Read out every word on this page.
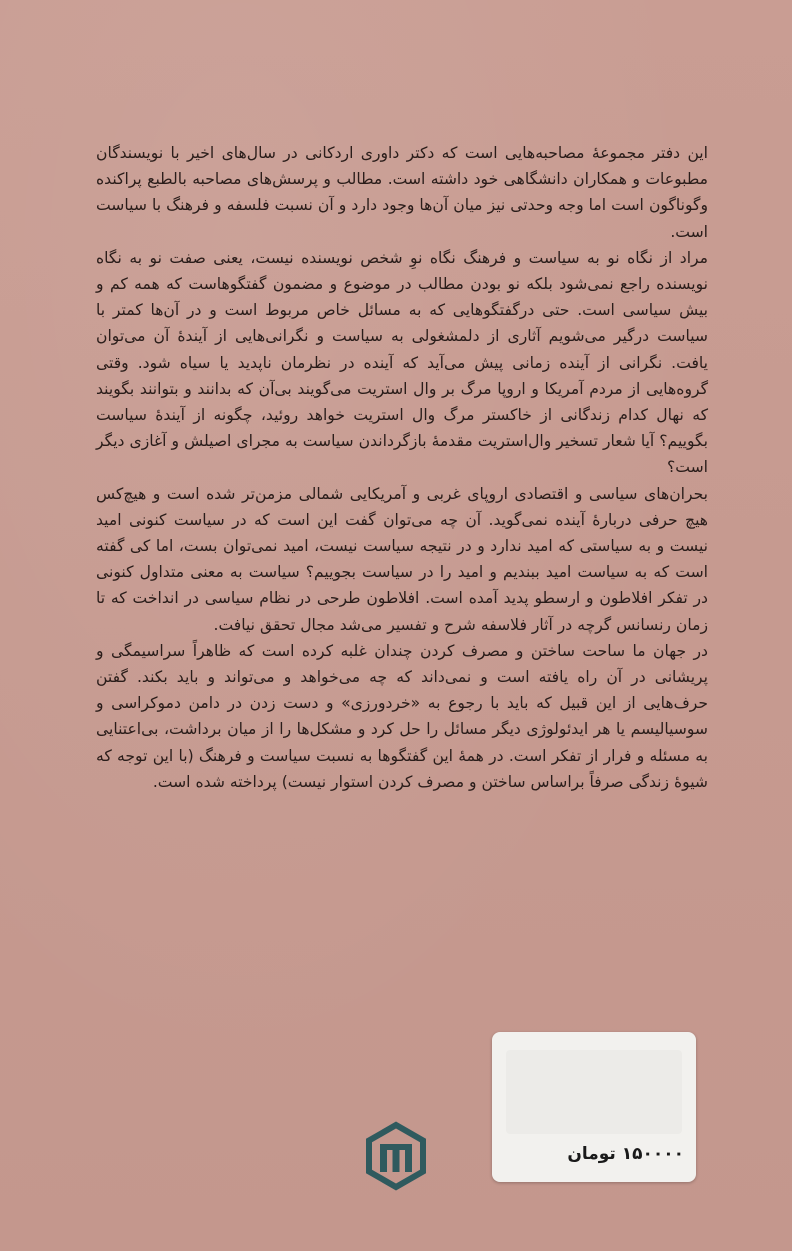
این دفتر مجموعهٔ مصاحبه‌هایی است که دکتر داوری اردکانی در سال‌های اخیر با نویسندگان مطبوعات و همکاران دانشگاهی خود داشته است. مطالب و پرسش‌های مصاحبه بالطبع پراکنده وگوناگون است اما وجه وحدتی نیز میان آن‌ها وجود دارد و آن نسبت فلسفه و فرهنگ با سیاست است.

مراد از نگاه نو به سیاست و فرهنگ نگاه نوِ شخص نویسنده نیست، یعنی صفت نو به نگاه نویسنده راجع نمی‌شود بلکه نو بودن مطالب در موضوع و مضمون گفتگوهاست که همه کم و بیش سیاسی است. حتی درگفتگوهایی که به مسائل خاص مربوط است و در آن‌ها کمتر با سیاست درگیر می‌شویم آثاری از دلمشغولی به سیاست و نگرانی‌هایی از آیندهٔ آن می‌توان یافت. نگرانی از آینده زمانی پیش می‌آید که آینده در نظرمان ناپدید یا سیاه شود. وقتی گروه‌هایی از مردم آمریکا و اروپا مرگ بر وال استریت می‌گویند بی‌آن که بدانند و بتوانند بگویند که نهال کدام زندگانی از خاکستر مرگ وال استریت خواهد روئید، چگونه از آیندهٔ سیاست بگوییم؟ آیا شعار تسخیر وال‌استریت مقدمهٔ بازگرداندن سیاست به مجرای اصیلش و آغازی دیگر است؟

بحران‌های سیاسی و اقتصادی اروپای غربی و آمریکایی شمالی مزمن‌تر شده است و هیچ‌کس هیچ حرفی دربارهٔ آینده نمی‌گوید. آن چه می‌توان گفت این است که در سیاست کنونی امید نیست و به سیاستی که امید ندارد و در نتیجه سیاست نیست، امید نمی‌توان بست، اما کی گفته است که به سیاست امید ببندیم و امید را در سیاست بجوییم؟ سیاست به معنی متداول کنونی در تفکر افلاطون و ارسطو پدید آمده است. افلاطون طرحی در نظام سیاسی در انداخت که تا زمان رنسانس گرچه در آثار فلاسفه شرح و تفسیر می‌شد مجال تحقق نیافت.

در جهان ما ساحت ساختن و مصرف کردن چندان غلبه کرده است که ظاهراً سراسیمگی و پریشانی در آن راه یافته است و نمی‌داند که چه می‌خواهد و می‌تواند و باید بکند. گفتن حرف‌هایی از این قبیل که باید با رجوع به «خردورزی» و دست زدن در دامن دموکراسی و سوسیالیسم یا هر ایدئولوژی دیگر مسائل را حل کرد و مشکل‌ها را از میان برداشت، بی‌اعتنایی به مسئله و فرار از تفکر است. در همهٔ این گفتگوها به نسبت سیاست و فرهنگ (با این توجه که شیوهٔ زندگی صرفاً براساس ساختن و مصرف کردن استوار نیست) پرداخته شده است.

۱۵۰۰۰۰ تومان
